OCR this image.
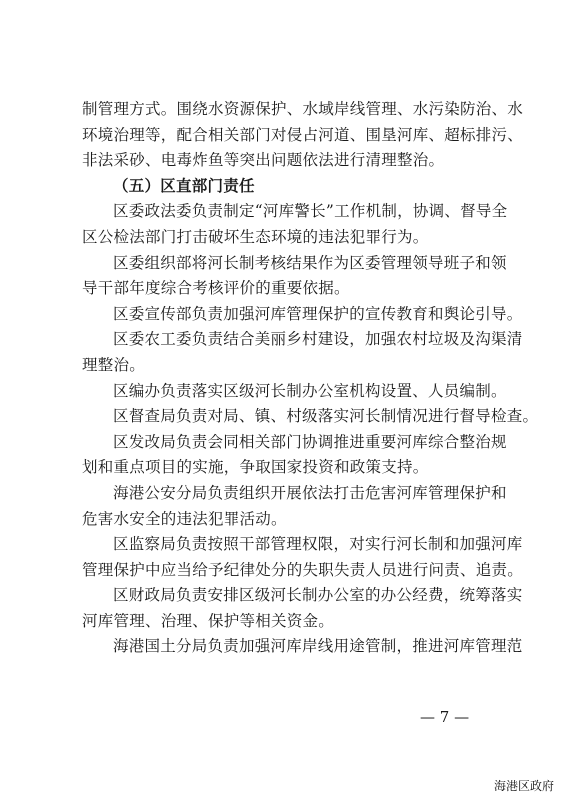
制管理方式。围绕水资源保护、水域岸线管理、水污染防治、水
环境治理等，配合相关部门对侵占河道、围垦河库、超标排污、
非法采砂、电毒炸鱼等突出问题依法进行清理整治。
（五）区直部门责任
区委政法委负责制定“河库警长”工作机制，协调、督导全
区公检法部门打击破坏生态环境的违法犯罪行为。
区委组织部将河长制考核结果作为区委管理领导班子和领
导干部年度综合考核评价的重要依据。
区委宣传部负责加强河库管理保护的宣传教育和舆论引导。
区委农工委负责结合美丽乡村建设，加强农村垃圾及沟渠清
理整治。
区编办负责落实区级河长制办公室机构设置、人员编制。
区督查局负责对局、镇、村级落实河长制情况进行督导检查。
区发改局负责会同相关部门协调推进重要河库综合整治规
划和重点项目的实施，争取国家投资和政策支持。
海港公安分局负责组织开展依法打击危害河库管理保护和
危害水安全的违法犯罪活动。
区监察局负责按照干部管理权限，对实行河长制和加强河库
管理保护中应当给予纪律处分的失职失责人员进行问责、追责。
区财政局负责安排区级河长制办公室的办公经费，统筹落实
河库管理、治理、保护等相关资金。
海港国土分局负责加强河库岸线用途管制，推进河库管理范
— 7 —
海港区政府
